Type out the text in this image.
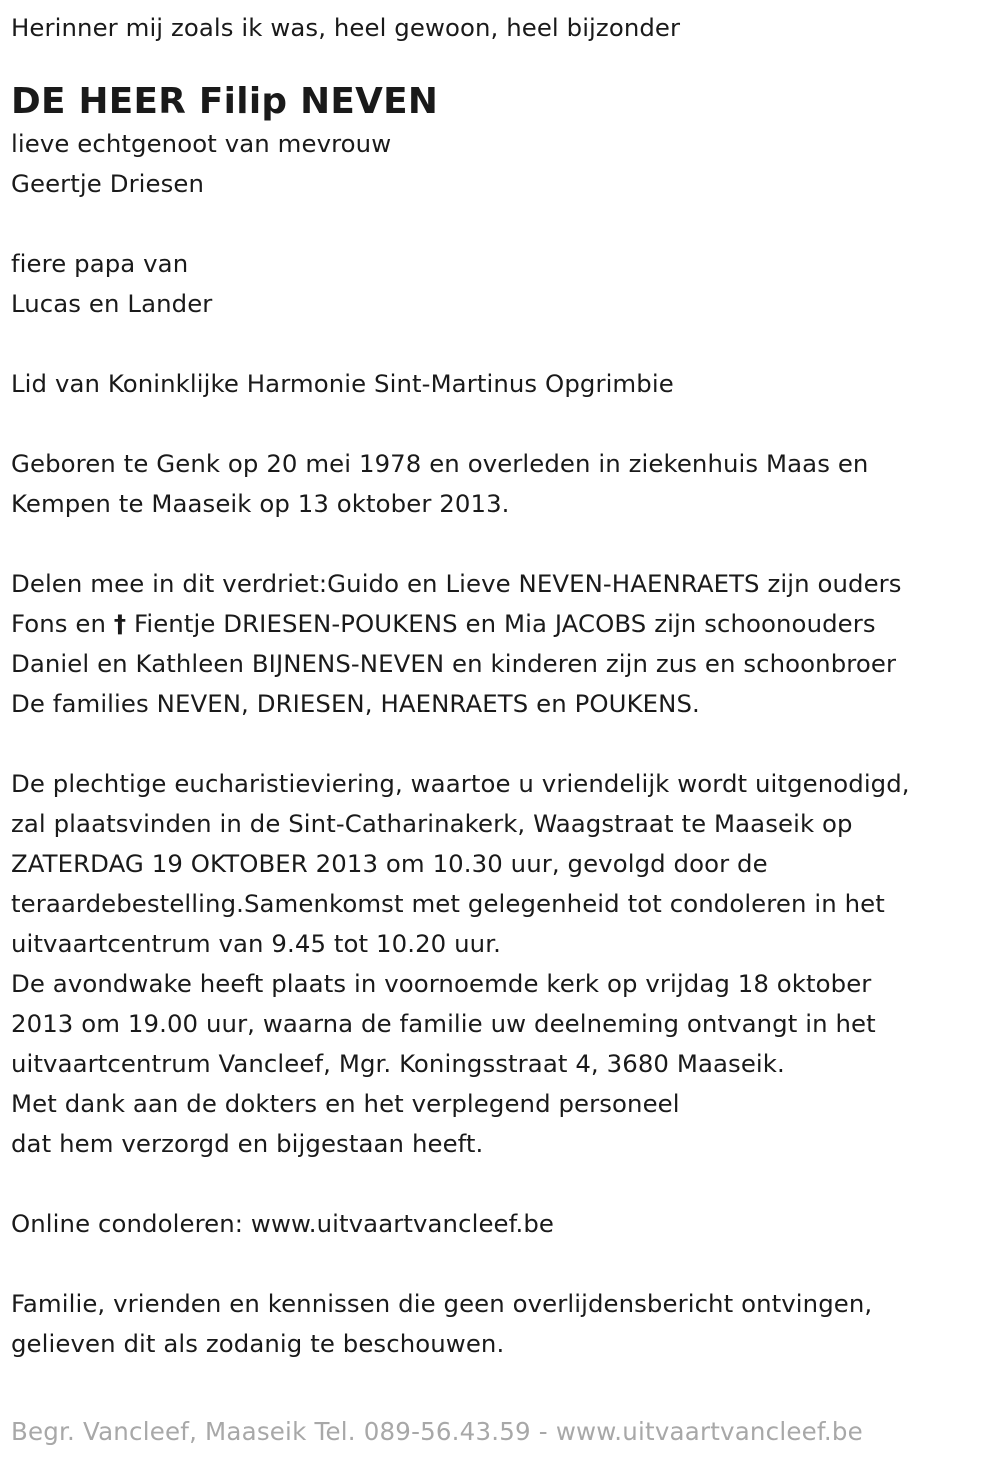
Herinner mij zoals ik was, heel gewoon, heel bijzonder
DE HEER Filip NEVEN
lieve echtgenoot van mevrouw
Geertje Driesen
fiere papa van
Lucas en Lander
Lid van Koninklijke Harmonie Sint-Martinus Opgrimbie
Geboren te Genk op 20 mei 1978 en overleden in ziekenhuis Maas en
Kempen te Maaseik op 13 oktober 2013.
Delen mee in dit verdriet:Guido en Lieve NEVEN-HAENRAETS zijn ouders
Fons en † Fientje DRIESEN-POUKENS en Mia JACOBS zijn schoonouders
Daniel en Kathleen BIJNENS-NEVEN en kinderen zijn zus en schoonbroer
De families NEVEN, DRIESEN, HAENRAETS en POUKENS.
De plechtige eucharistieviering, waartoe u vriendelijk wordt uitgenodigd,
zal plaatsvinden in de Sint-Catharinakerk, Waagstraat te Maaseik op
ZATERDAG 19 OKTOBER 2013 om 10.30 uur, gevolgd door de
teraardebestelling.Samenkomst met gelegenheid tot condoleren in het
uitvaartcentrum van 9.45 tot 10.20 uur.
De avondwake heeft plaats in voornoemde kerk op vrijdag 18 oktober
2013 om 19.00 uur, waarna de familie uw deelneming ontvangt in het
uitvaartcentrum Vancleef, Mgr. Koningsstraat 4, 3680 Maaseik.
Met dank aan de dokters en het verplegend personeel
dat hem verzorgd en bijgestaan heeft.
Online condoleren: www.uitvaartvancleef.be
Familie, vrienden en kennissen die geen overlijdensbericht ontvingen,
gelieven dit als zodanig te beschouwen.
Begr. Vancleef, Maaseik Tel. 089-56.43.59 - www.uitvaartvancleef.be
